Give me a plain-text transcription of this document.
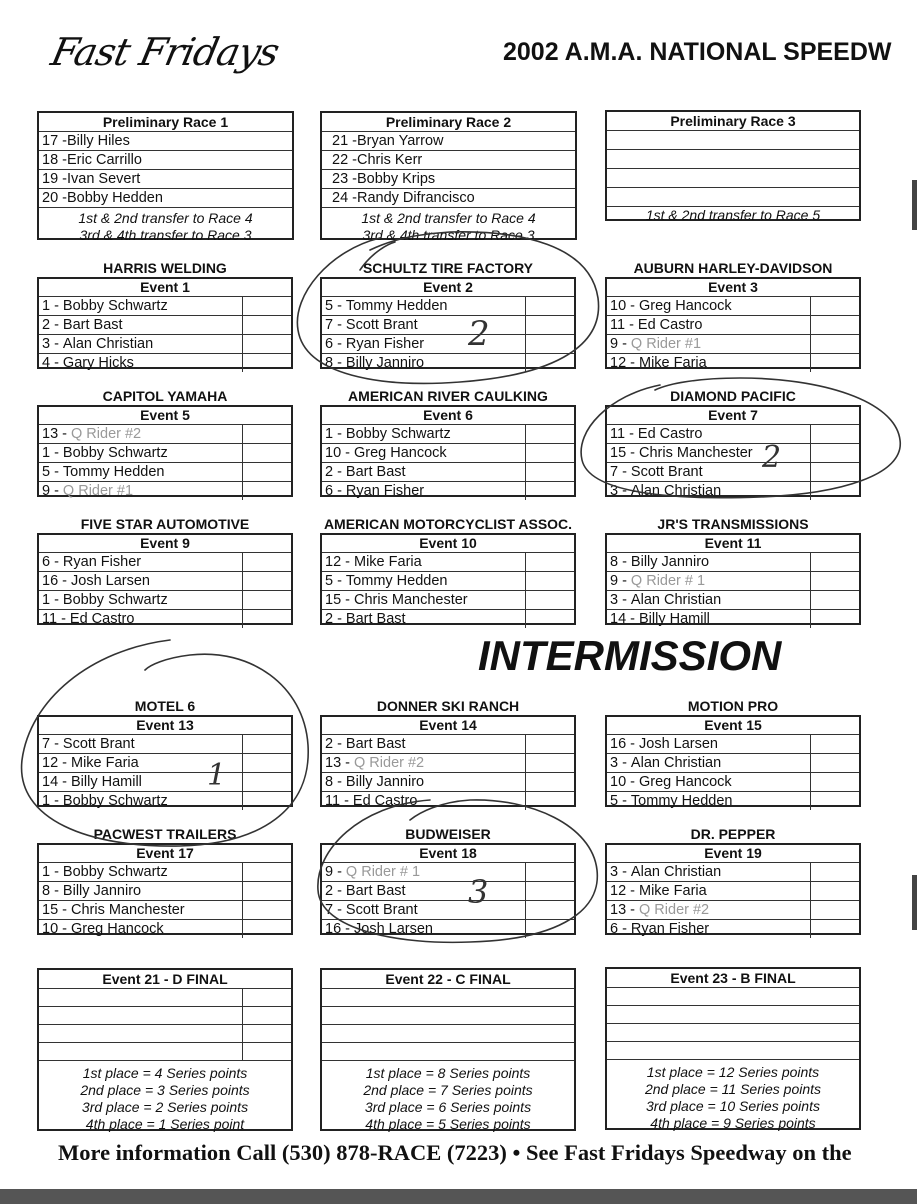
Fast Fridays	2002 A.M.A. NATIONAL SPEEDW
Preliminary Race 1
17 -Billy Hiles
18 -Eric Carrillo
19 -Ivan Severt
20 -Bobby Hedden
1st & 2nd transfer to Race 4
3rd & 4th transfer to Race 3
Preliminary Race 2
21 -Bryan Yarrow
22 -Chris Kerr
23 -Bobby Krips
24 -Randy Difrancisco
1st & 2nd transfer to Race 4
3rd & 4th transfer to Race 3
Preliminary Race 3
1st & 2nd transfer to Race 5
HARRIS WELDING
Event 1
1 - Bobby Schwartz
2 - Bart Bast
3 - Alan Christian
4 - Gary Hicks
SCHULTZ TIRE FACTORY
Event 2
5 - Tommy Hedden
7 - Scott Brant
6 - Ryan Fisher
8 - Billy Janniro
AUBURN HARLEY-DAVIDSON
Event 3
10 - Greg Hancock
11 - Ed Castro
9 - Q Rider #1
12 - Mike Faria
CAPITOL YAMAHA
Event 5
13 - Q Rider #2
1 - Bobby Schwartz
5 - Tommy Hedden
9 - Q Rider #1
AMERICAN RIVER CAULKING
Event 6
1 - Bobby Schwartz
10 - Greg Hancock
2 - Bart Bast
6 - Ryan Fisher
DIAMOND PACIFIC
Event 7
11 - Ed Castro
15 - Chris Manchester
7 - Scott Brant
3 - Alan Christian
FIVE STAR AUTOMOTIVE
Event 9
6 - Ryan Fisher
16 - Josh Larsen
1 - Bobby Schwartz
11 - Ed Castro
AMERICAN MOTORCYCLIST ASSOC.
Event 10
12 - Mike Faria
5 - Tommy Hedden
15 - Chris Manchester
2 - Bart Bast
JR'S TRANSMISSIONS
Event 11
8 - Billy Janniro
9 - Q Rider # 1
3 - Alan Christian
14 - Billy Hamill
MOTEL 6
Event 13
7 - Scott Brant
12 - Mike Faria
14 - Billy Hamill
1 - Bobby Schwartz
DONNER SKI RANCH
Event 14
2 - Bart Bast
13 - Q Rider #2
8 - Billy Janniro
11 - Ed Castro
MOTION PRO
Event 15
16 - Josh Larsen
3 - Alan Christian
10 - Greg Hancock
5 - Tommy Hedden
PACWEST TRAILERS
Event 17
1 - Bobby Schwartz
8 - Billy Janniro
15 - Chris Manchester
10 - Greg Hancock
BUDWEISER
Event 18
9 - Q Rider # 1
2 - Bart Bast
7 - Scott Brant
16 - Josh Larsen
DR. PEPPER
Event 19
3 - Alan Christian
12 - Mike Faria
13 - Q Rider #2
6 - Ryan Fisher
INTERMISSION
Event 21 - D FINAL
1st place = 4 Series points
2nd place = 3 Series points
3rd place = 2 Series points
4th place = 1 Series point
Event 22 - C FINAL
1st place = 8 Series points
2nd place = 7 Series points
3rd place = 6 Series points
4th place = 5 Series points
Event 23 - B FINAL
1st place = 12 Series points
2nd place = 11 Series points
3rd place = 10 Series points
4th place = 9 Series points
More information Call (530) 878-RACE (7223) • See Fast Fridays Speedway on the
2
2
1
3
